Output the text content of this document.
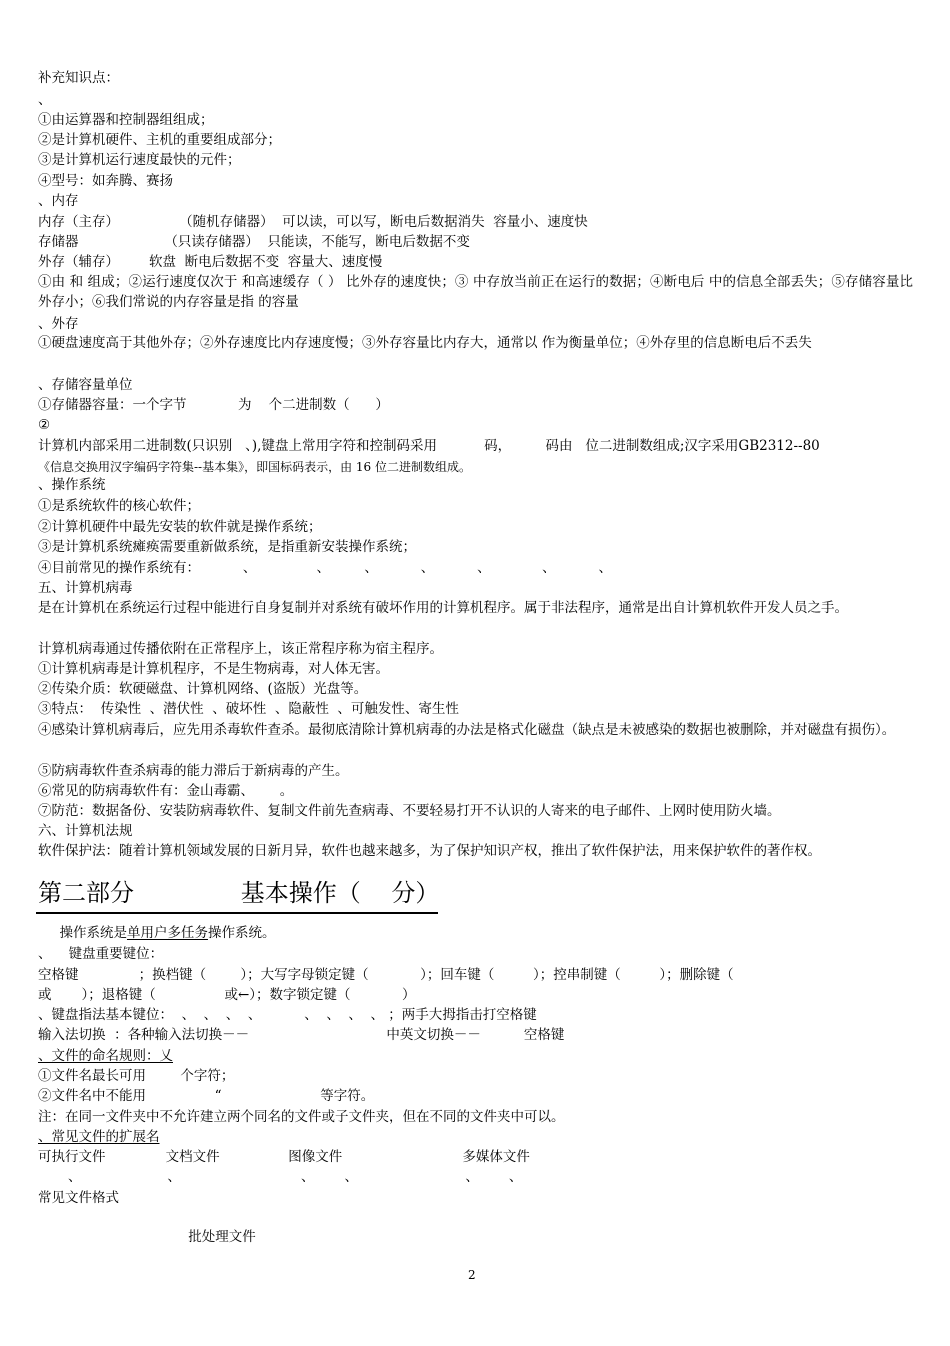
补充知识点：

、

①由运算器和控制器组组成；

②是计算机硬件、主机的重要组成部分；

③是计算机运行速度最快的元件；

④型号：如奔腾、赛扬

、内存

内存（主存）              （随机存储器）  可以读，可以写，断电后数据消失  容量小、速度快

存储器                    （只读存储器）  只能读，不能写，断电后数据不变

外存（辅存）       软盘  断电后数据不变  容量大、速度慢

①由 和 组成；②运行速度仅次于 和高速缓存（ ） 比外存的速度快；③ 中存放当前正在运行的数据；④断电后 中的信息全部丢失；⑤存储容量比外存小；⑥我们常说的内存容量是指 的容量

、外存

①硬盘速度高于其他外存；②外存速度比内存速度慢；③外存容量比内存大，通常以 作为衡量单位；④外存里的信息断电后不丢失

、存储容量单位

①存储器容量：一个字节            为    个二进制数（      ）

②

计算机内部采用二进制数(只识别   、),键盘上常用字符和控制码采用           码，        码由   位二进制数组成;汉字采用GB2312--80

《信息交换用汉字编码字符集--基本集》，即国标码表示，由 16 位二进制数组成。

、操作系统

①是系统软件的核心软件；

②计算机硬件中最先安装的软件就是操作系统；

③是计算机系统瘫痪需要重新做系统，是指重新安装操作系统；

④目前常见的操作系统有：          、              、        、          、          、            、          、

五、计算机病毒

是在计算机在系统运行过程中能进行自身复制并对系统有破坏作用的计算机程序。属于非法程序，通常是出自计算机软件开发人员之手。

计算机病毒通过传播依附在正常程序上，该正常程序称为宿主程序。

①计算机病毒是计算机程序，不是生物病毒，对人体无害。

②传染介质：软硬磁盘、计算机网络、(盗版）光盘等。

③特点：  传染性  、潜伏性  、破坏性  、隐蔽性  、可触发性、寄生性

④感染计算机病毒后，应先用杀毒软件查杀。最彻底清除计算机病毒的办法是格式化磁盘（缺点是未被感染的数据也被删除，并对磁盘有损伤）。

⑤防病毒软件查杀病毒的能力滞后于新病毒的产生。

⑥常见的防病毒软件有：金山毒霸、      。

⑦防范：数据备份、安装防病毒软件、复制文件前先查病毒、不要轻易打开不认识的人寄来的电子邮件、上网时使用防火墙。

六、计算机法规

软件保护法：随着计算机领域发展的日新月异，软件也越来越多，为了保护知识产权，推出了软件保护法，用来保护软件的著作权。

第二部分              基本操作（    分）

操作系统是单用户多任务操作系统。

、    键盘重要键位：

空格键              ；换档键（        ）；大写字母锁定键（            ）；回车键（         ）；控串制键（         ）；删除键（

或       ）；退格键（                或←）；数字锁定键（            ）

、键盘指法基本键位：  、  、  、  、          、  、  、  、 ；两手大拇指击打空格键

输入法切换  ：各种输入法切换－－                                中英文切换－－          空格键

、文件的命名规则：乂

①文件名最长可用        个字符；

②文件名中不能用                “                       等字符。

注：在同一文件夹中不允许建立两个同名的文件或子文件夹，但在不同的文件夹中可以。

、常见文件的扩展名

可执行文件              文档文件                图像文件                            多媒体文件

、                    、                            、       、                         、       、

常见文件格式

批处理文件

2
